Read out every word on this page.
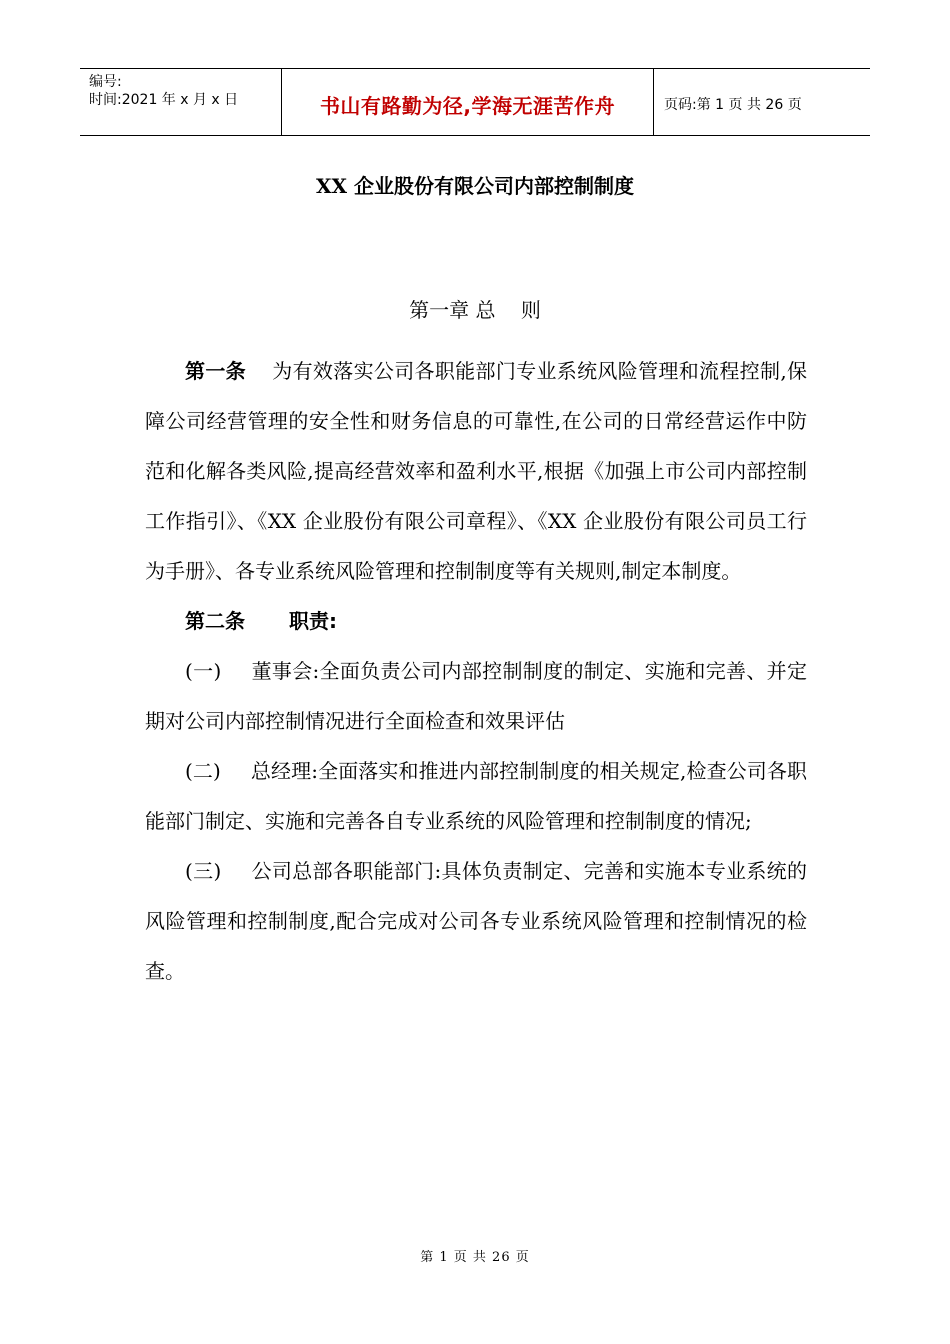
编号:
时间:2021 年 x 月 x 日	书山有路勤为径,学海无涯苦作舟	页码:第 1 页 共 26 页
XX 企业股份有限公司内部控制制度
第一章 总    则

第一条 为有效落实公司各职能部门专业系统风险管理和流程控制,保障公司经营管理的安全性和财务信息的可靠性,在公司的日常经营运作中防范和化解各类风险,提高经营效率和盈利水平,根据《加强上市公司内部控制工作指引》、《XX 企业股份有限公司章程》、《XX 企业股份有限公司员工行为手册》、各专业系统风险管理和控制制度等有关规则,制定本制度。

第二条 职责:

(一) 董事会:全面负责公司内部控制制度的制定、实施和完善、并定期对公司内部控制情况进行全面检查和效果评估

(二) 总经理:全面落实和推进内部控制制度的相关规定,检查公司各职能部门制定、实施和完善各自专业系统的风险管理和控制制度的情况;

(三) 公司总部各职能部门:具体负责制定、完善和实施本专业系统的风险管理和控制制度,配合完成对公司各专业系统风险管理和控制情况的检查。

第 1 页 共 26 页
